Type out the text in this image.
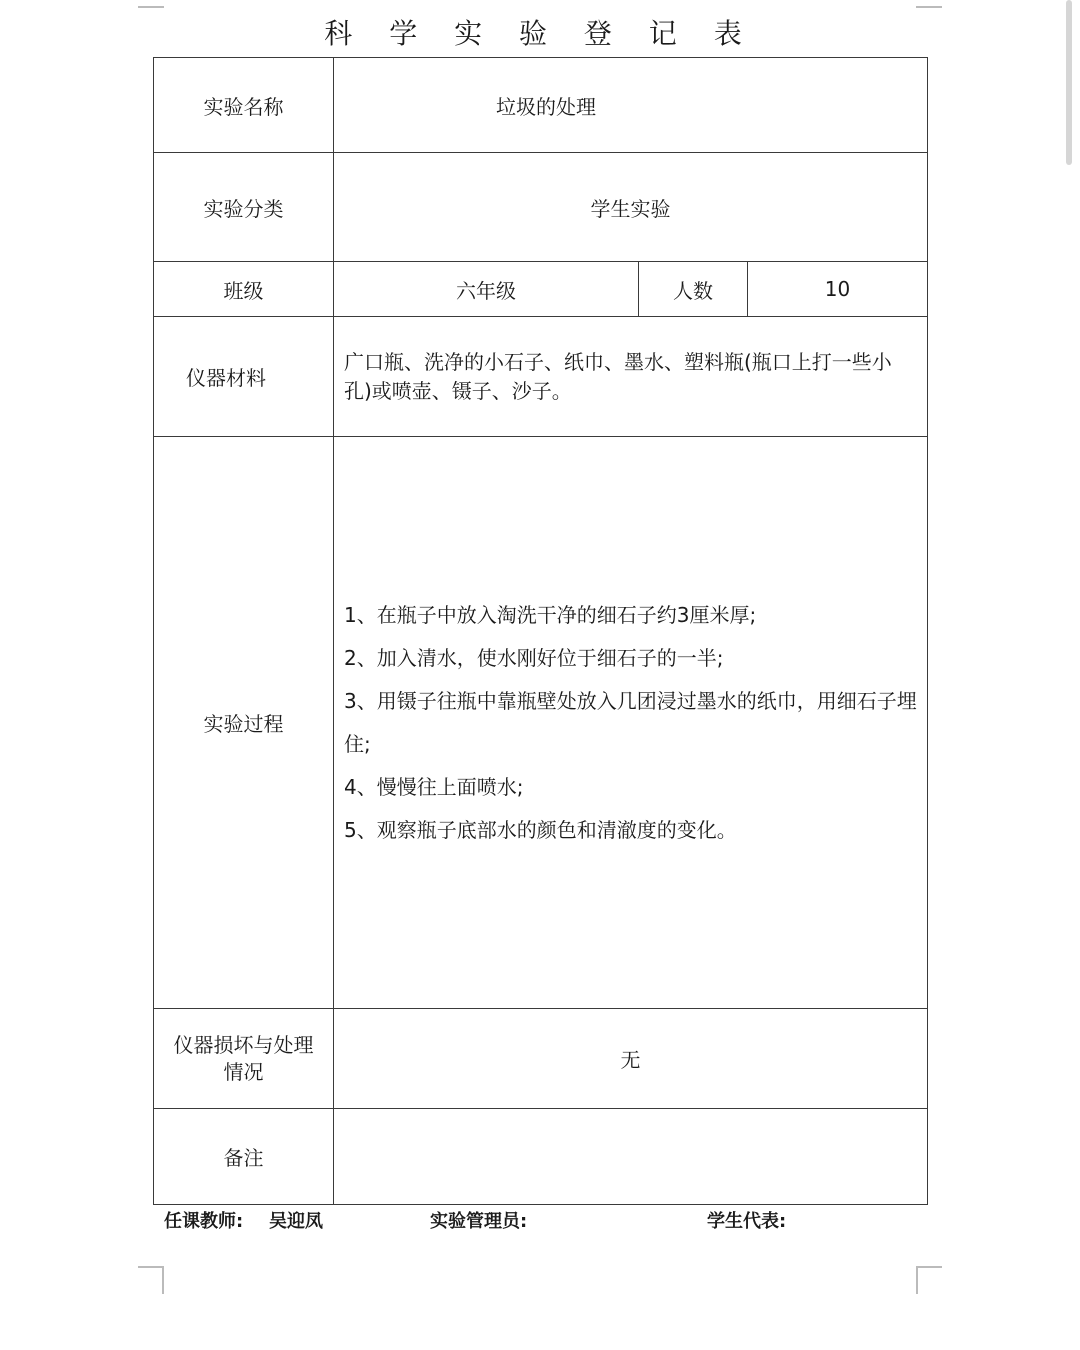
科 学 实 验 登 记 表
实验名称	垃圾的处理		
实验分类	学生实验		
班级	六年级	人数	10
仪器材料	广口瓶、洗净的小石子、纸巾、墨水、塑料瓶(瓶口上打一些小孔)或喷壶、镊子、沙子。		
实验过程	1、在瓶子中放入淘洗干净的细石子约3厘米厚;

2、加入清水，使水刚好位于细石子的一半;

3、用镊子往瓶中靠瓶壁处放入几团浸过墨水的纸巾，用细石子埋住;

4、慢慢往上面喷水;

5、观察瓶子底部水的颜色和清澈度的变化。		

仪器损坏与处理
情况	无		
备注			
任课教师: 吴迎凤	实验管理员:	学生代表:
